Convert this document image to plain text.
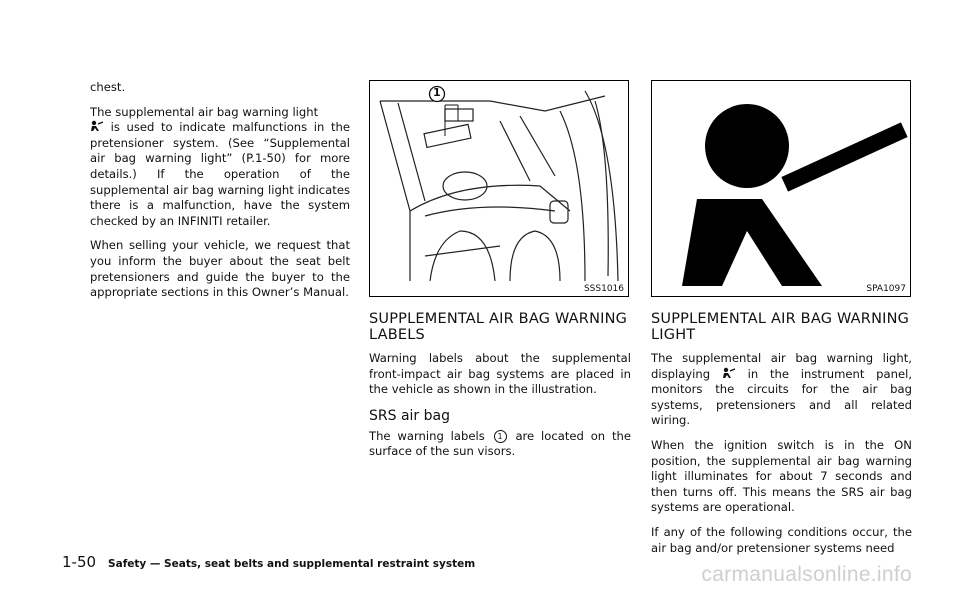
chest.

The supplemental air bag warning light
is used to indicate malfunctions in the pretensioner system. (See “Supplemental air bag warning light” (P.1-50) for more details.) If the operation of the supplemental air bag warning light indicates there is a malfunction, have the system checked by an INFINITI retailer.

When selling your vehicle, we request that you inform the buyer about the seat belt pretensioners and guide the buyer to the appropriate sections in this Owner’s Manual.

1
SSS1016
SUPPLEMENTAL AIR BAG WARNING LABELS

Warning labels about the supplemental front-impact air bag systems are placed in the vehicle as shown in the illustration.

SRS air bag

The warning labels 1 are located on the surface of the sun visors.

SPA1097
SUPPLEMENTAL AIR BAG WARNING LIGHT

The supplemental air bag warning light, displaying	in the instrument panel, monitors the circuits for the air bag systems, pretensioners and all related wiring.

When the ignition switch is in the ON position, the supplemental air bag warning light illuminates for about 7 seconds and then turns off. This means the SRS air bag systems are operational.

If any of the following conditions occur, the air bag and/or pretensioner systems need

1-50 Safety — Seats, seat belts and supplemental restraint system	carmanualsonline.info
